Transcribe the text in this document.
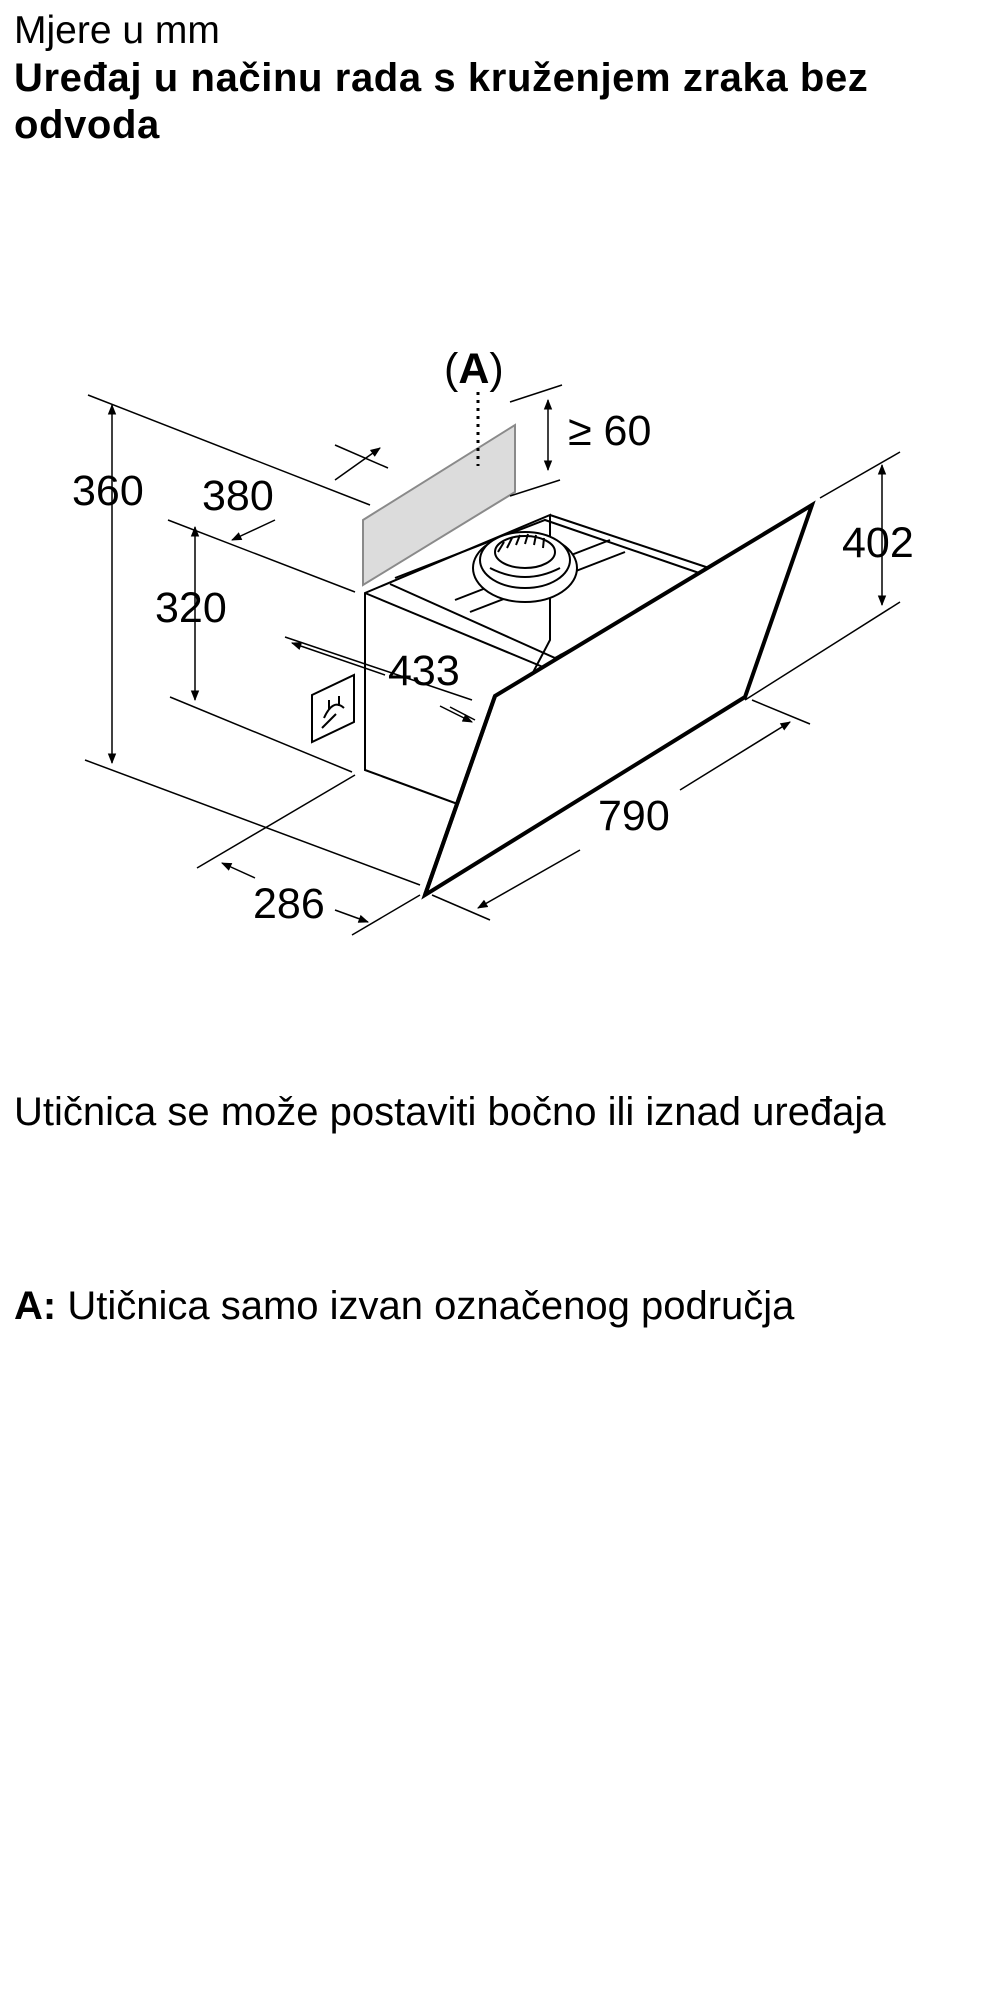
Mjere u mm
Uređaj u načinu rada s kruženjem zraka bez odvoda
(A)
360 380
320
≥ 60
402
433
790
286
Utičnica se može postaviti bočno ili iznad uređaja
A: Utičnica samo izvan označenog područja
